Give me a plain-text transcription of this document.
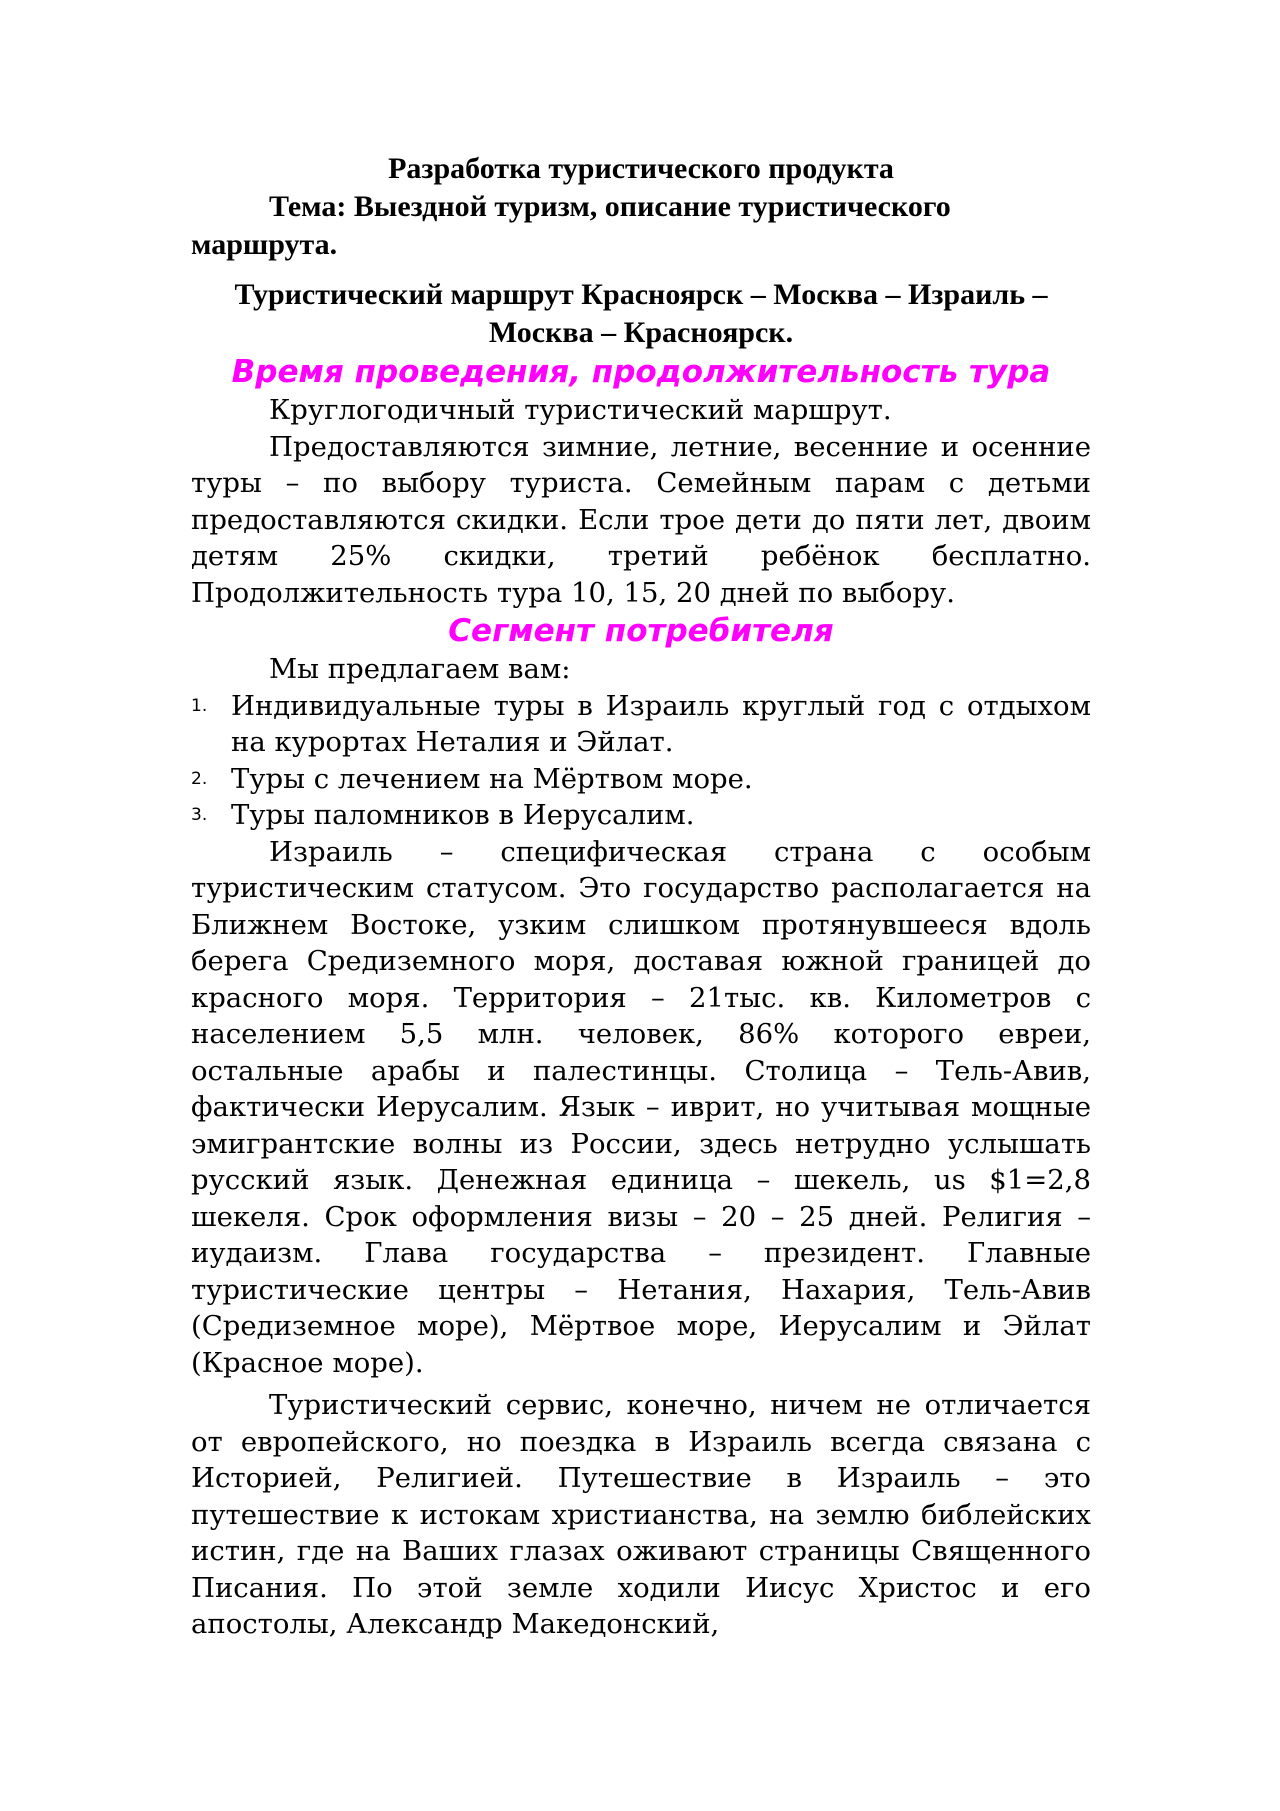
Разработка туристического продукта

Тема: Выездной туризм, описание туристического маршрута.

Туристический маршрут Красноярск – Москва – Израиль – Москва – Красноярск.

Время проведения, продолжительность тура

Круглогодичный туристический маршрут.

Предоставляются зимние, летние, весенние и осенние туры – по выбору туриста. Семейным парам с детьми предоставляются скидки. Если трое дети до пяти лет, двоим детям 25% скидки, третий ребёнок бесплатно. Продолжительность тура 10, 15, 20 дней по выбору.

Сегмент потребителя

Мы предлагаем вам:

1. Индивидуальные туры в Израиль круглый год с отдыхом на курортах Неталия и Эйлат.
2. Туры с лечением на Мёртвом море.
3. Туры паломников в Иерусалим.

Израиль – специфическая страна с особым туристическим статусом. Это государство располагается на Ближнем Востоке, узким слишком протянувшееся вдоль берега Средиземного моря, доставая южной границей до красного моря. Территория – 21тыс. кв. Километров с населением 5,5 млн. человек, 86% которого евреи, остальные арабы и палестинцы. Столица – Тель-Авив, фактически Иерусалим. Язык – иврит, но учитывая мощные эмигрантские волны из России, здесь нетрудно услышать русский язык. Денежная единица – шекель, us $1=2,8 шекеля. Срок оформления визы – 20 – 25 дней. Религия – иудаизм. Глава государства – президент. Главные туристические центры – Нетания, Нахария, Тель-Авив (Средиземное море), Мёртвое море, Иерусалим и Эйлат (Красное море).

Туристический сервис, конечно, ничем не отличается от европейского, но поездка в Израиль всегда связана с Историей, Религией. Путешествие в Израиль – это путешествие к истокам христианства, на землю библейских истин, где на Ваших глазах оживают страницы Священного Писания. По этой земле ходили Иисус Христос и его апостолы, Александр Македонский,
